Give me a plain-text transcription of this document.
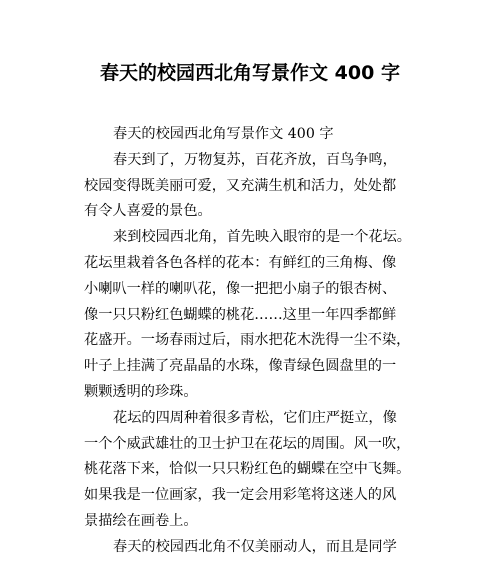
春天的校园西北角写景作文 400 字
春天的校园西北角写景作文 400 字
春天到了，万物复苏，百花齐放，百鸟争鸣，
校园变得既美丽可爱，又充满生机和活力，处处都
有令人喜爱的景色。
来到校园西北角，首先映入眼帘的是一个花坛。
花坛里栽着各色各样的花本：有鲜红的三角梅、像
小喇叭一样的喇叭花，像一把把小扇子的银杏树、
像一只只粉红色蝴蝶的桃花……这里一年四季都鲜
花盛开。一场春雨过后，雨水把花木洗得一尘不染，
叶子上挂满了亮晶晶的水珠，像青绿色圆盘里的一
颗颗透明的珍珠。
花坛的四周种着很多青松，它们庄严挺立，像
一个个威武雄壮的卫士护卫在花坛的周围。风一吹，
桃花落下来，恰似一只只粉红色的蝴蝶在空中飞舞。
如果我是一位画家，我一定会用彩笔将这迷人的风
景描绘在画卷上。
春天的校园西北角不仅美丽动人，而且是同学
